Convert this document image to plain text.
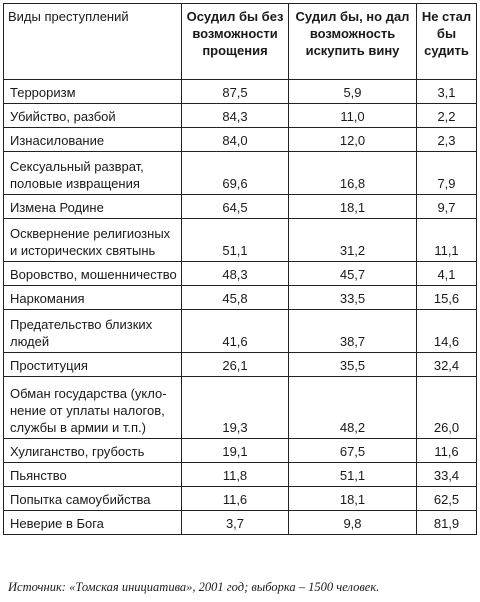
Виды преступлений	Осудил бы без возможности прощения	Судил бы, но дал возможность искупить вину	Не стал бы судить
Терроризм	87,5	5,9	3,1
Убийство, разбой	84,3	11,0	2,2
Изнасилование	84,0	12,0	2,3
Сексуальный разврат, половые извращения	69,6	16,8	7,9
Измена Родине	64,5	18,1	9,7
Осквернение религиозных и исторических святынь	51,1	31,2	11,1
Воровство, мошенничество	48,3	45,7	4,1
Наркомания	45,8	33,5	15,6
Предательство близких людей	41,6	38,7	14,6
Проституция	26,1	35,5	32,4
Обман государства (укло-нение от уплаты налогов, службы в армии и т.п.)	19,3	48,2	26,0
Хулиганство, грубость	19,1	67,5	11,6
Пьянство	11,8	51,1	33,4
Попытка самоубийства	11,6	18,1	62,5
Неверие в Бога	3,7	9,8	81,9
Источник: «Томская инициатива», 2001 год; выборка – 1500 человек.
